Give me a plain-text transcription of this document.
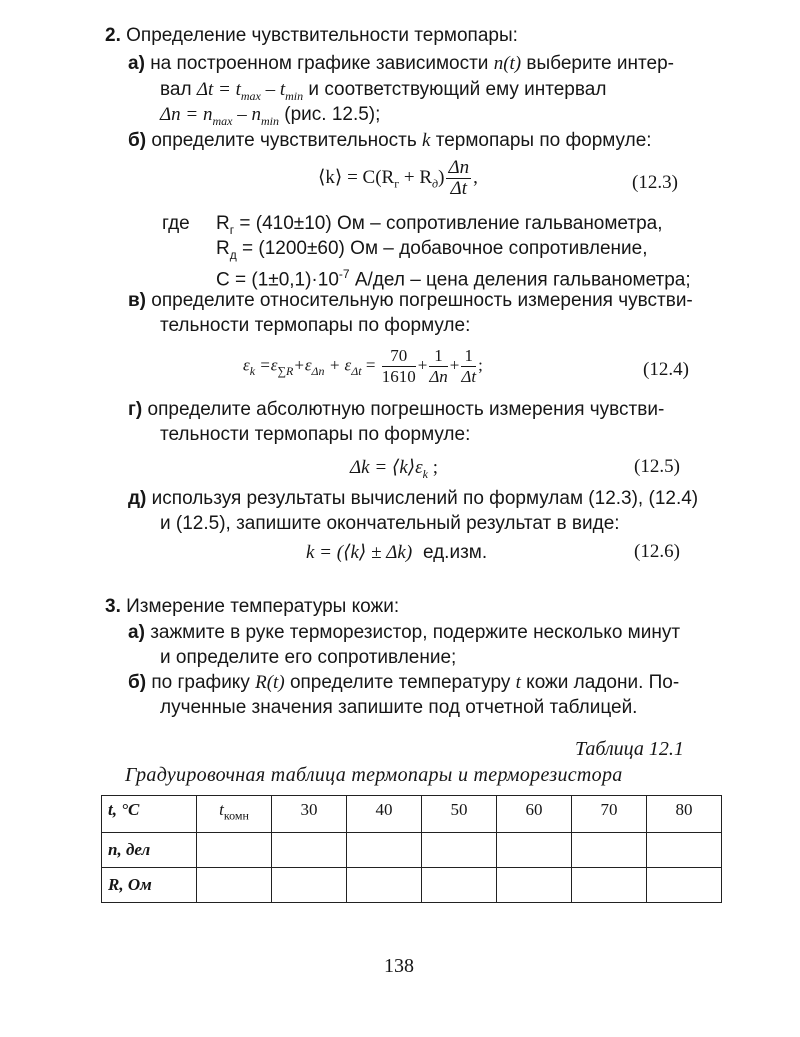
2. Определение чувствительности термопары:
а) на построенном графике зависимости n(t) выберите интер-
вал $\Delta t = t_{max} - t_{min}$ и соответствующий ему интервал
$\Delta n = n_{max} - n_{min}$ (рис. 12.5);
б) определите чувствительность k термопары по формуле:
⟨k⟩ = $C(R_г + R_д) \frac{\Delta n}{\Delta t}$ ,	(12.3)
где $R_г = (410\pm 10)$ Ом – сопротивление гальванометра,
$R_д = (1200\pm 60)$ Ом – добавочное сопротивление,
$C = (1\pm 0,1)\cdot 10^{-7}$ А/дел – цена деления гальванометра;
в) определите относительную погрешность измерения чувстви-
тельности термопары по формуле:
$\varepsilon_k =\varepsilon_{\sum R}+\varepsilon_{\Delta n} + \varepsilon_{\Delta t} = \frac{70}{1610} + \frac{1}{\Delta n} + \frac{1}{\Delta t}$ ;	(12.4)
г) определите абсолютную погрешность измерения чувстви-
тельности термопары по формуле:
$\Delta k = ⟨k⟩\varepsilon_k$ ;	(12.5)
д) используя результаты вычислений по формулам (12.3), (12.4)
и (12.5), запишите окончательный результат в виде:
k = (⟨k⟩ ± Δk) ед.изм.	(12.6)
3. Измерение температуры кожи:
а) зажмите в руке терморезистор, подержите несколько минут
и определите его сопротивление;
б) по графику R(t) определите температуру t кожи ладони. По-
лученные значения запишите под отчетной таблицей.
Таблица 12.1
Градуировочная таблица термопары и терморезистора
t, °C	$t_{комн}$	30	40	50	60	70	80
n, дел							
R, Ом							
138
